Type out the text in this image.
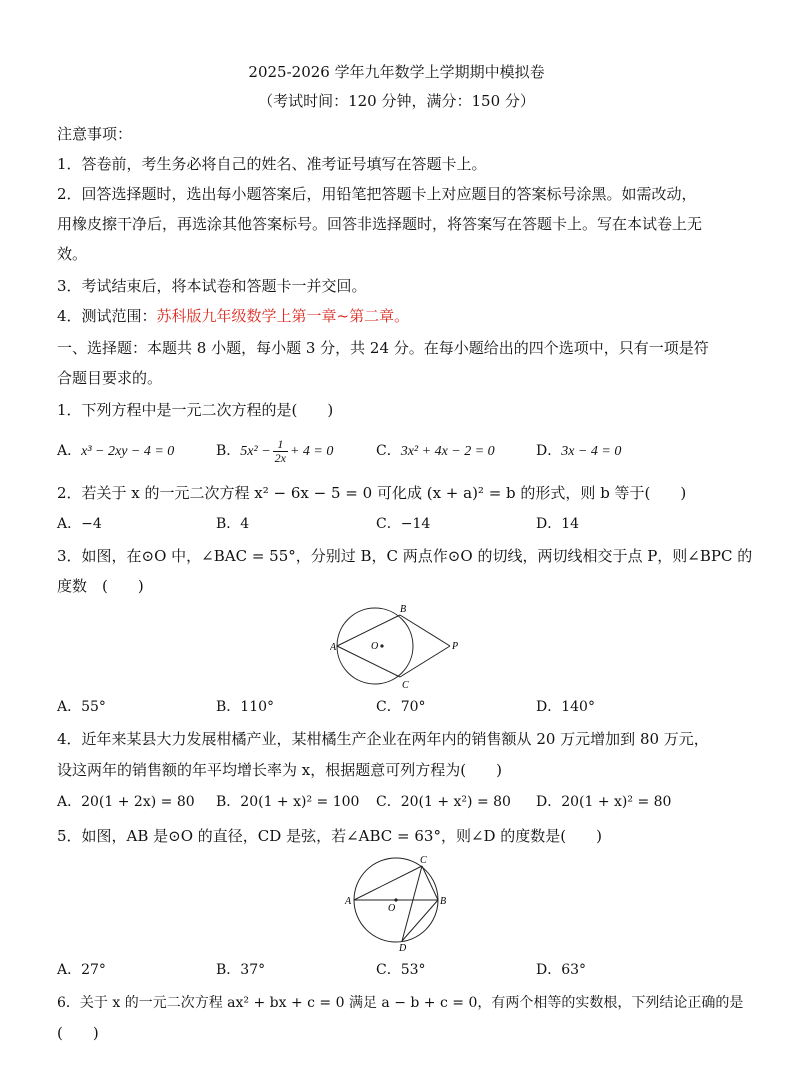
2025-2026 学年九年数学上学期期中模拟卷
（考试时间：120 分钟，满分：150 分）
注意事项：
1．答卷前，考生务必将自己的姓名、准考证号填写在答题卡上。
2．回答选择题时，选出每小题答案后，用铅笔把答题卡上对应题目的答案标号涂黑。如需改动，
用橡皮擦干净后，再选涂其他答案标号。回答非选择题时，将答案写在答题卡上。写在本试卷上无
效。
3．考试结束后，将本试卷和答题卡一并交回。
4．测试范围：苏科版九年级数学上第一章~第二章。
一、选择题：本题共 8 小题，每小题 3 分，共 24 分。在每小题给出的四个选项中，只有一项是符
合题目要求的。
1．下列方程中是一元二次方程的是(　　)
A．x³ − 2xy − 4 = 0	B．$5x^2 - \frac{1}{2x} + 4 = 0$	C．3x² + 4x − 2 = 0	D．3x − 4 = 0
2．若关于 x 的一元二次方程 x² − 6x − 5 = 0 可化成 (x + a)² = b 的形式，则 b 等于(　　)
A．−4	B．4	C．−14	D．14
3．如图，在⊙O 中，∠BAC = 55°，分别过 B，C 两点作⊙O 的切线，两切线相交于点 P，则∠BPC 的
度数　(　　)
A
B
C
O	P
A．55°	B．110°	C．70°	D．140°
4．近年来某县大力发展柑橘产业，某柑橘生产企业在两年内的销售额从 20 万元增加到 80 万元，
设这两年的销售额的年平均增长率为 x，根据题意可列方程为(　　)
A．20(1 + 2x) = 80 B．20(1 + x)² = 100 C．20(1 + x²) = 80 D．20(1 + x)² = 80
5．如图，AB 是⊙O 的直径，CD 是弦，若∠ABC = 63°，则∠D 的度数是(　　)
A	B
C
D
O
A．27°	B．37°	C．53°	D．63°
6．关于 x 的一元二次方程 ax² + bx + c = 0 满足 a − b + c = 0，有两个相等的实数根，下列结论正确的是
(　　)
